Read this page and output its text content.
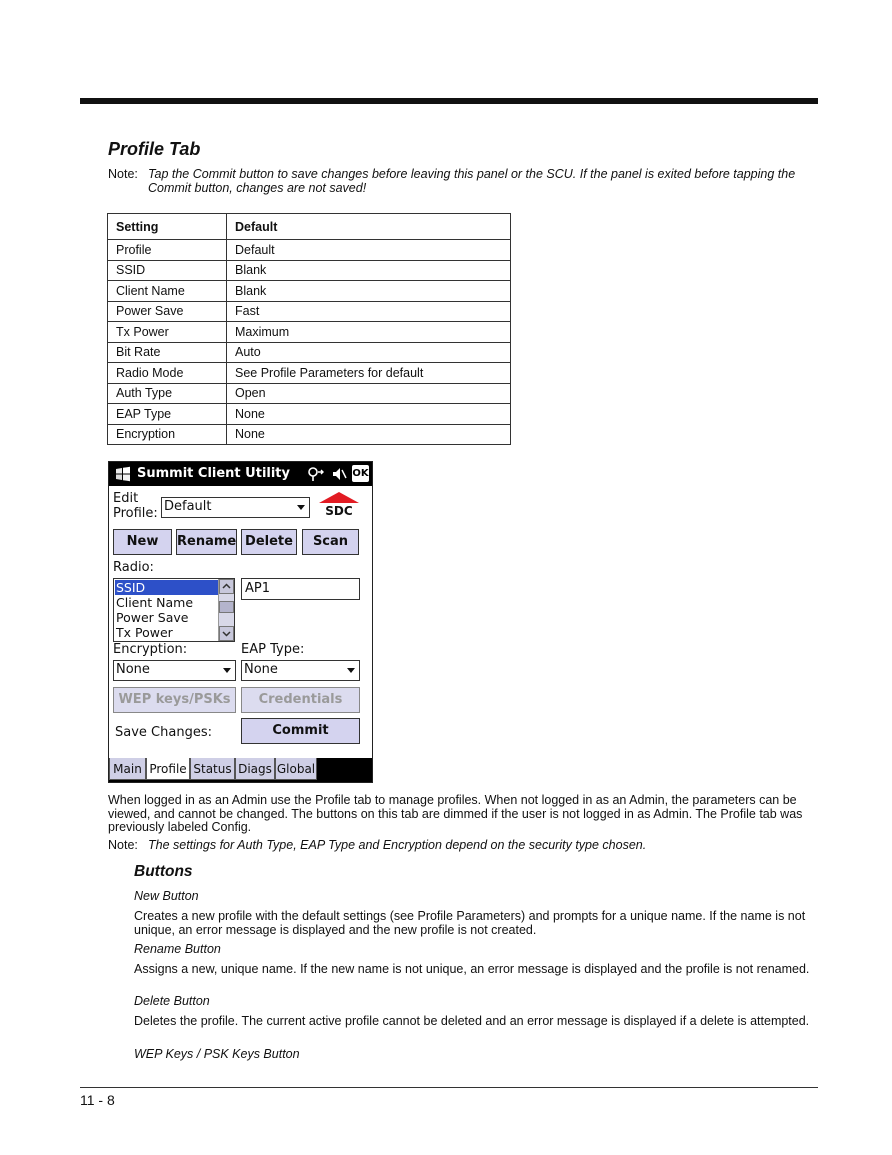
Profile Tab
Note: Tap the Commit button to save changes before leaving this panel or the SCU. If the panel is exited before tapping the Commit button, changes are not saved!
Setting	Default
Profile	Default
SSID	Blank
Client Name	Blank
Power Save	Fast
Tx Power	Maximum
Bit Rate	Auto
Radio Mode	See Profile Parameters for default
Auth Type	Open
EAP Type	None
Encryption	None
Summit Client Utility	OK
Edit
Profile: Default	SDC
New	Rename Delete	Scan
Radio:
SSID
Client Name
Power Save
Tx Power
AP1
Encryption:	EAP Type:
None	None
WEP keys/PSKs	Credentials
Save Changes:	Commit
Main Profile Status Diags Global
When logged in as an Admin use the Profile tab to manage profiles. When not logged in as an Admin, the parameters can be viewed, and cannot be changed. The buttons on this tab are dimmed if the user is not logged in as Admin. The Profile tab was previously labeled Config.
Note: The settings for Auth Type, EAP Type and Encryption depend on the security type chosen.
Buttons
New Button
Creates a new profile with the default settings (see Profile Parameters) and prompts for a unique name. If the name is not unique, an error message is displayed and the new profile is not created.
Rename Button
Assigns a new, unique name. If the new name is not unique, an error message is displayed and the profile is not renamed.
Delete Button
Deletes the profile. The current active profile cannot be deleted and an error message is displayed if a delete is attempted.
WEP Keys / PSK Keys Button
11 - 8
